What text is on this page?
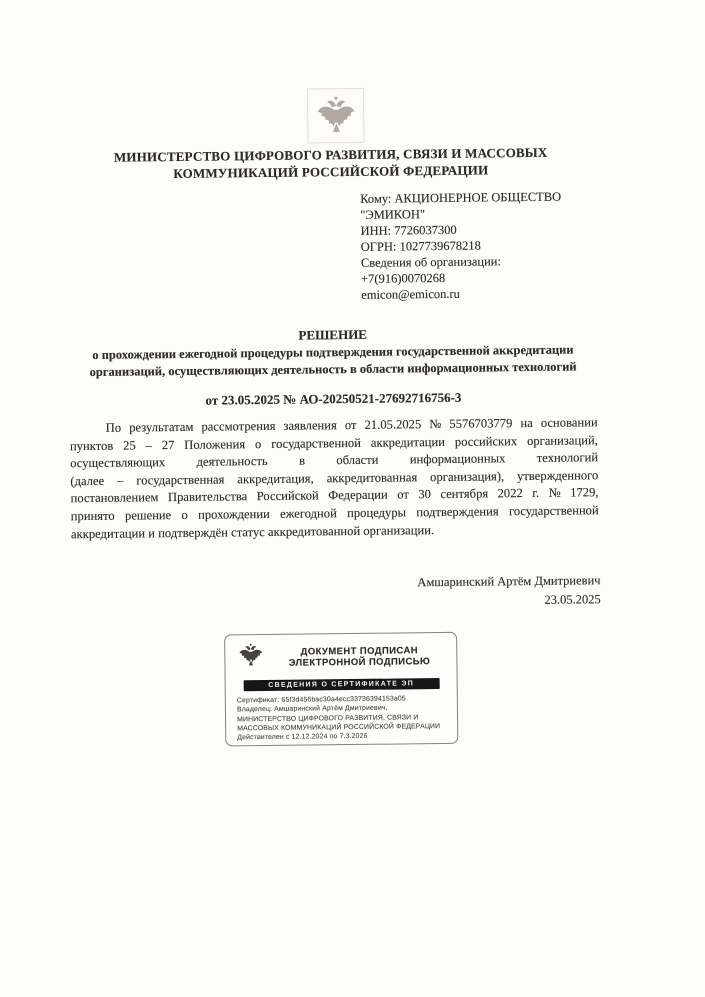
МИНИСТЕРСТВО ЦИФРОВОГО РАЗВИТИЯ, СВЯЗИ И МАССОВЫХ
КОММУНИКАЦИЙ РОССИЙСКОЙ ФЕДЕРАЦИИ
Кому: АКЦИОНЕРНОЕ ОБЩЕСТВО
"ЭМИКОН"
ИНН: 7726037300
ОГРН: 1027739678218
Сведения об организации:
+7(916)0070268
emicon@emicon.ru
РЕШЕНИЕ
о прохождении ежегодной процедуры подтверждения государственной аккредитации
организаций, осуществляющих деятельность в области информационных технологий
от 23.05.2025 № АО-20250521-27692716756-3
По результатам рассмотрения заявления от 21.05.2025 № 5576703779 на основании
пунктов 25 – 27 Положения о государственной аккредитации российских организаций,
осуществляющих деятельность в области информационных технологий
(далее – государственная аккредитация, аккредитованная организация), утвержденного
постановлением Правительства Российской Федерации от 30 сентября 2022 г. № 1729,
принято решение о прохождении ежегодной процедуры подтверждения государственной
аккредитации и подтверждён статус аккредитованной организации.
Амшаринский Артём Дмитриевич
23.05.2025
ДОКУМЕНТ ПОДПИСАН
ЭЛЕКТРОННОЙ ПОДПИСЬЮ
СВЕДЕНИЯ О СЕРТИФИКАТЕ ЭП
Сертификат: 65f3d456bac30a4ecc33736394153a05
Владелец: Амшаринский Артём Дмитриевич, МИНИСТЕРСТВО ЦИФРОВОГО РАЗВИТИЯ, СВЯЗИ И МАССОВЫХ КОММУНИКАЦИЙ РОССИЙСКОЙ ФЕДЕРАЦИИ
Действителен с 12.12.2024 по 7.3.2026
